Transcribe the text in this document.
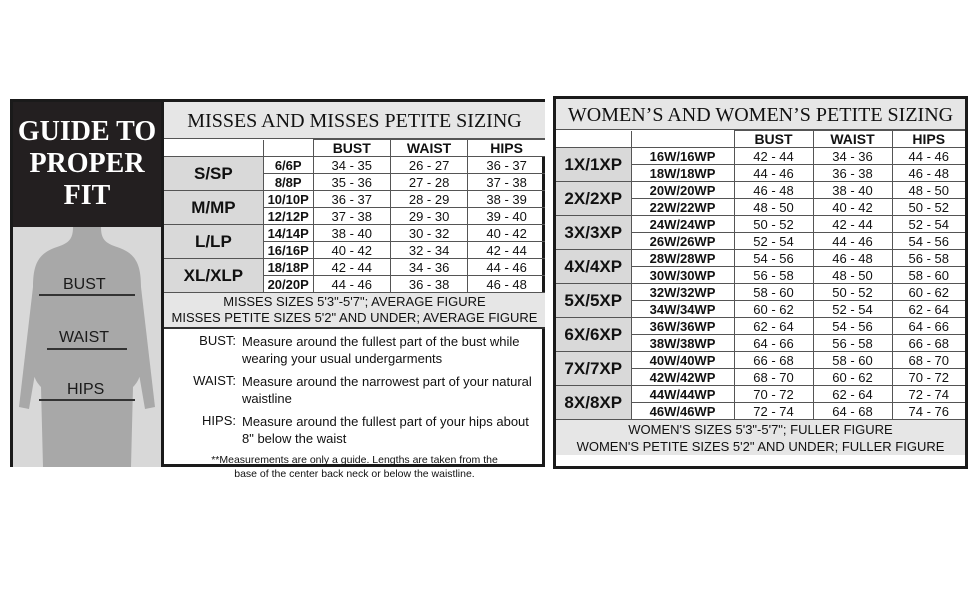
GUIDE TO
PROPER
FIT
BUST
WAIST
HIPS
MISSES AND MISSES PETITE SIZING
		BUST	WAIST	HIPS
S/SP	6/6P	34 - 35	26 - 27	36 - 37
	8/8P	35 - 36	27 - 28	37 - 38
M/MP	10/10P	36 - 37	28 - 29	38 - 39
	12/12P	37 - 38	29 - 30	39 - 40
L/LP	14/14P	38 - 40	30 - 32	40 - 42
	16/16P	40 - 42	32 - 34	42 - 44
XL/XLP	18/18P	42 - 44	34 - 36	44 - 46
	20/20P	44 - 46	36 - 38	46 - 48
MISSES SIZES 5'3"-5'7"; AVERAGE FIGURE
MISSES PETITE SIZES 5'2" AND UNDER; AVERAGE FIGURE
BUST: Measure around the fullest part of the bust while wearing your usual undergarments
WAIST: Measure around the narrowest part of your natural waistline
HIPS: Measure around the fullest part of your hips about 8" below the waist
**Measurements are only a guide. Lengths are taken from the
base of the center back neck or below the waistline.
WOMEN’S AND WOMEN’S PETITE SIZING
		BUST	WAIST	HIPS
1X/1XP	16W/16WP	42 - 44	34 - 36	44 - 46
	18W/18WP	44 - 46	36 - 38	46 - 48
2X/2XP	20W/20WP	46 - 48	38 - 40	48 - 50
	22W/22WP	48 - 50	40 - 42	50 - 52
3X/3XP	24W/24WP	50 - 52	42 - 44	52 - 54
	26W/26WP	52 - 54	44 - 46	54 - 56
4X/4XP	28W/28WP	54 - 56	46 - 48	56 - 58
	30W/30WP	56 - 58	48 - 50	58 - 60
5X/5XP	32W/32WP	58 - 60	50 - 52	60 - 62
	34W/34WP	60 - 62	52 - 54	62 - 64
6X/6XP	36W/36WP	62 - 64	54 - 56	64 - 66
	38W/38WP	64 - 66	56 - 58	66 - 68
7X/7XP	40W/40WP	66 - 68	58 - 60	68 - 70
	42W/42WP	68 - 70	60 - 62	70 - 72
8X/8XP	44W/44WP	70 - 72	62 - 64	72 - 74
	46W/46WP	72 - 74	64 - 68	74 - 76
WOMEN'S SIZES 5'3"-5'7"; FULLER FIGURE
WOMEN'S PETITE SIZES 5'2" AND UNDER; FULLER FIGURE
